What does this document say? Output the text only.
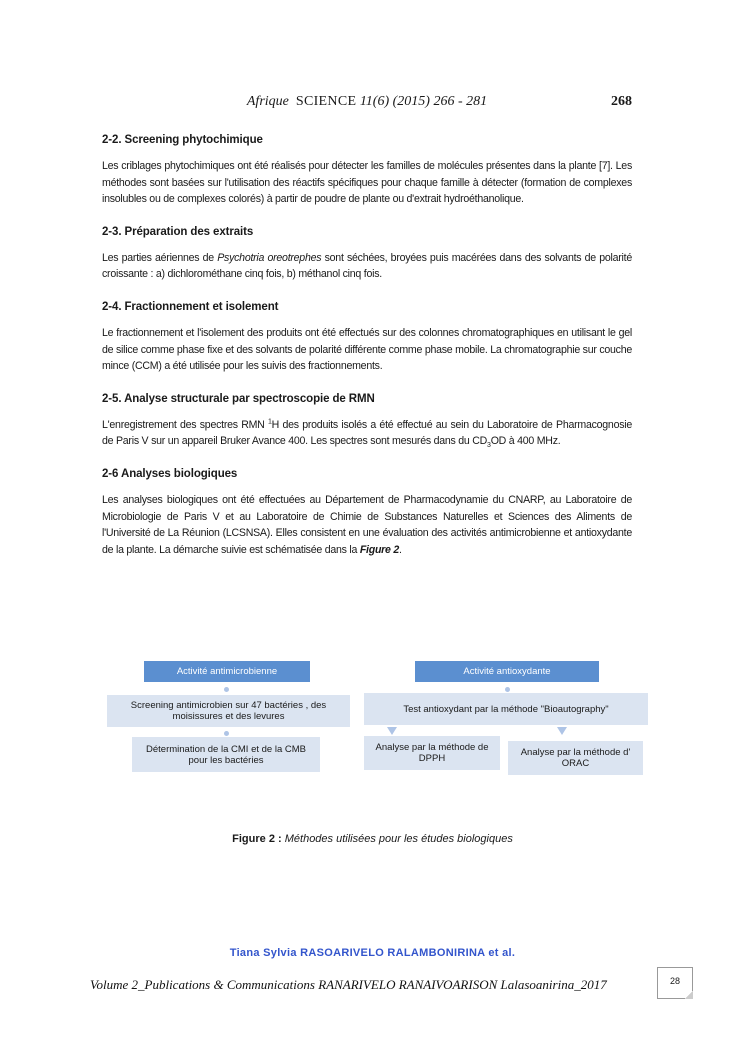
Afrique SCIENCE 11(6) (2015) 266 - 281	268
2-2. Screening phytochimique

Les criblages phytochimiques ont été réalisés pour détecter les familles de molécules présentes dans la plante [7]. Les méthodes sont basées sur l'utilisation des réactifs spécifiques pour chaque famille à détecter (formation de complexes insolubles ou de complexes colorés) à partir de poudre de plante ou d'extrait hydroéthanolique.

2-3. Préparation des extraits

Les parties aériennes de Psychotria oreotrephes sont séchées, broyées puis macérées dans des solvants de polarité croissante : a) dichlorométhane cinq fois, b) méthanol cinq fois.

2-4. Fractionnement et isolement

Le fractionnement et l'isolement des produits ont été effectués sur des colonnes chromatographiques en utilisant le gel de silice comme phase fixe et des solvants de polarité différente comme phase mobile. La chromatographie sur couche mince (CCM) a été utilisée pour les suivis des fractionnements.

2-5. Analyse structurale par spectroscopie de RMN

L'enregistrement des spectres RMN $^1$H des produits isolés a été effectué au sein du Laboratoire de Pharmacognosie de Paris V sur un appareil Bruker Avance 400. Les spectres sont mesurés dans du $CD_3OD$ à 400 MHz.

2-6 Analyses biologiques

Les analyses biologiques ont été effectuées au Département de Pharmacodynamie du CNARP, au Laboratoire de Microbiologie de Paris V et au Laboratoire de Chimie de Substances Naturelles et Sciences des Aliments de l'Université de La Réunion (LCSNSA). Elles consistent en une évaluation des activités antimicrobienne et antioxydante de la plante. La démarche suivie est schématisée dans la Figure 2.

Activité antimicrobienne
Screening antimicrobien sur 47 bactéries , des moisissures et des levures
Détermination de la CMI et de la CMB pour les bactéries
Activité antioxydante
Test antioxydant par la méthode "Bioautography"
Analyse par la méthode de DPPH
Analyse par la méthode d' ORAC
Figure 2 : Méthodes utilisées pour les études biologiques
Tiana Sylvia RASOARIVELO RALAMBONIRINA et al.
Volume 2_Publications & Communications RANARIVELO RANAIVOARISON Lalasoanirina_2017	28
